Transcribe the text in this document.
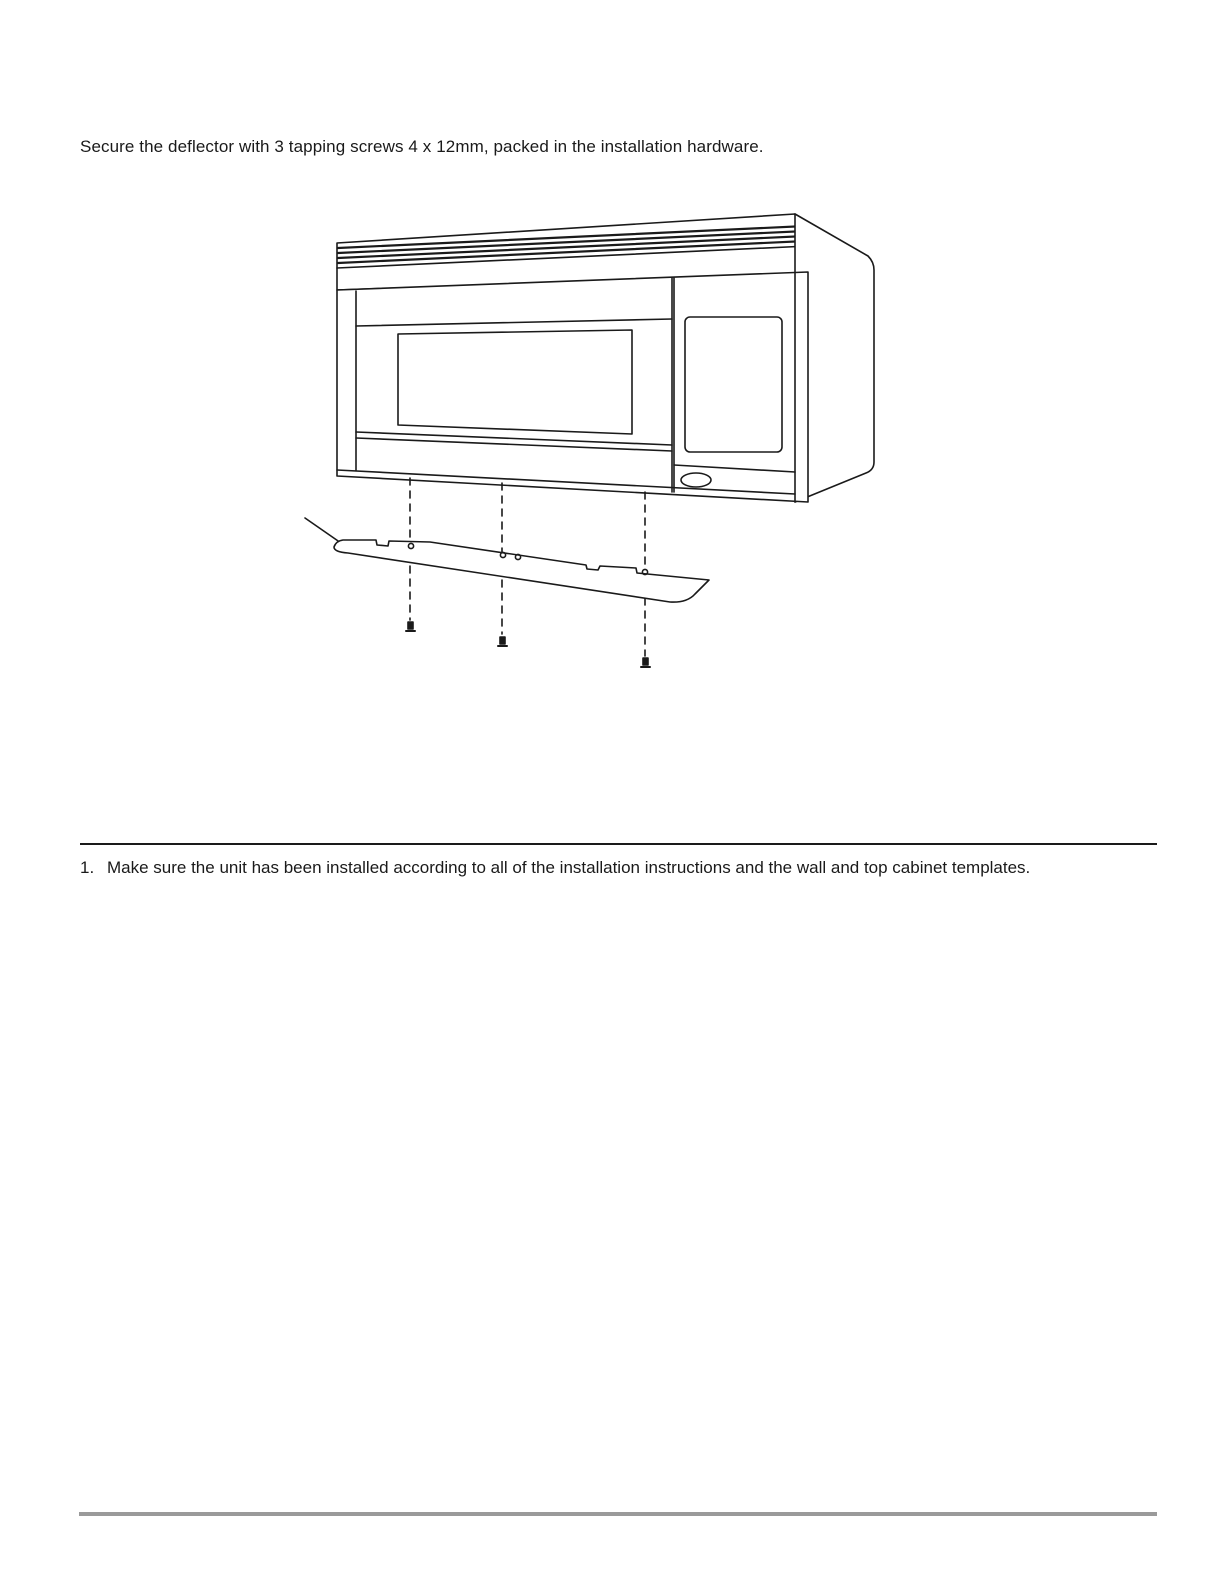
Secure the deflector with 3 tapping screws 4 x 12mm, packed in the installation hardware.

1. Make sure the unit has been installed according to all of the installation instructions and the wall and top cabinet templates.
